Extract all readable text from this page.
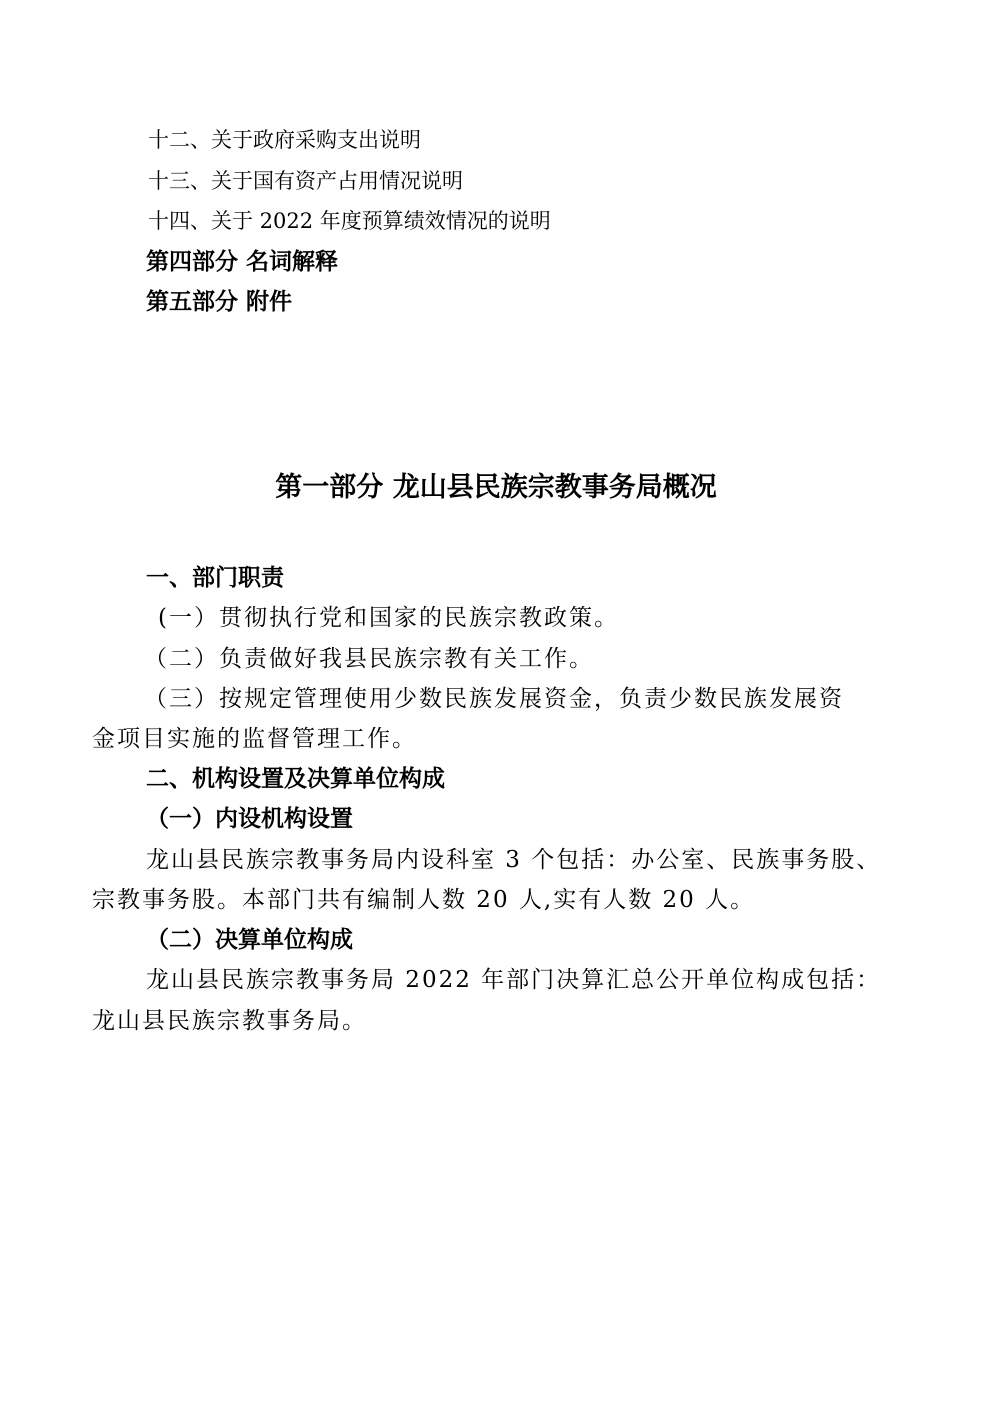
十二、关于政府采购支出说明
十三、关于国有资产占用情况说明
十四、关于 2022 年度预算绩效情况的说明
第四部分 名词解释
第五部分 附件
第一部分 龙山县民族宗教事务局概况
一、部门职责
(一）贯彻执行党和国家的民族宗教政策。
（二）负责做好我县民族宗教有关工作。
（三）按规定管理使用少数民族发展资金，负责少数民族发展资
金项目实施的监督管理工作。
二、机构设置及决算单位构成
（一）内设机构设置
龙山县民族宗教事务局内设科室 3 个包括：办公室、民族事务股、
宗教事务股。本部门共有编制人数 20 人,实有人数 20 人。
（二）决算单位构成
龙山县民族宗教事务局 2022 年部门决算汇总公开单位构成包括：
龙山县民族宗教事务局。
